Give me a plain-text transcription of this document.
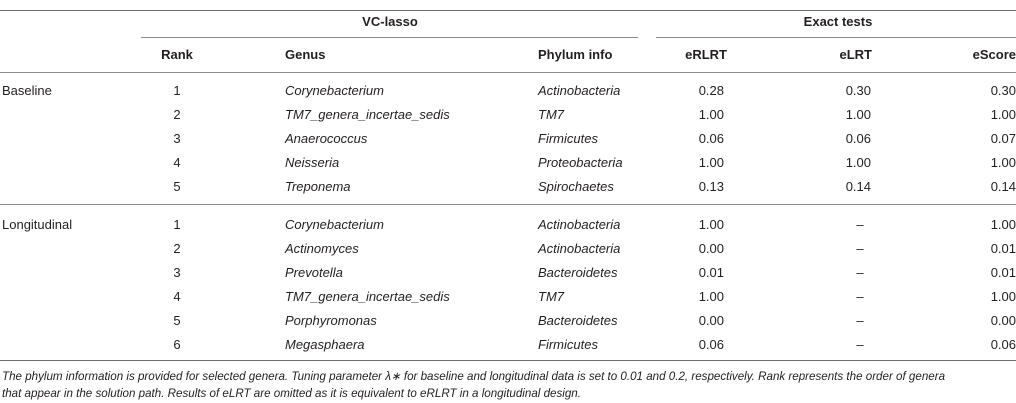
VC-lasso	Exact tests
Rank	Genus	Phylum info	eRLRT	eLRT	eScore
Baseline	1	Corynebacterium	Actinobacteria	0.28	0.30	0.30
2	TM7_genera_incertae_sedis	TM7	1.00	1.00	1.00
3	Anaerococcus	Firmicutes	0.06	0.06	0.07
4	Neisseria	Proteobacteria	1.00	1.00	1.00
5	Treponema	Spirochaetes	0.13	0.14	0.14
Longitudinal	1	Corynebacterium	Actinobacteria	1.00	–	1.00
2	Actinomyces	Actinobacteria	0.00	–	0.01
3	Prevotella	Bacteroidetes	0.01	–	0.01
4	TM7_genera_incertae_sedis	TM7	1.00	–	1.00
5	Porphyromonas	Bacteroidetes	0.00	–	0.00
6	Megasphaera	Firmicutes	0.06	–	0.06
The phylum information is provided for selected genera. Tuning parameter λ∗ for baseline and longitudinal data is set to 0.01 and 0.2, respectively. Rank represents the order of genera
that appear in the solution path. Results of eLRT are omitted as it is equivalent to eRLRT in a longitudinal design.
